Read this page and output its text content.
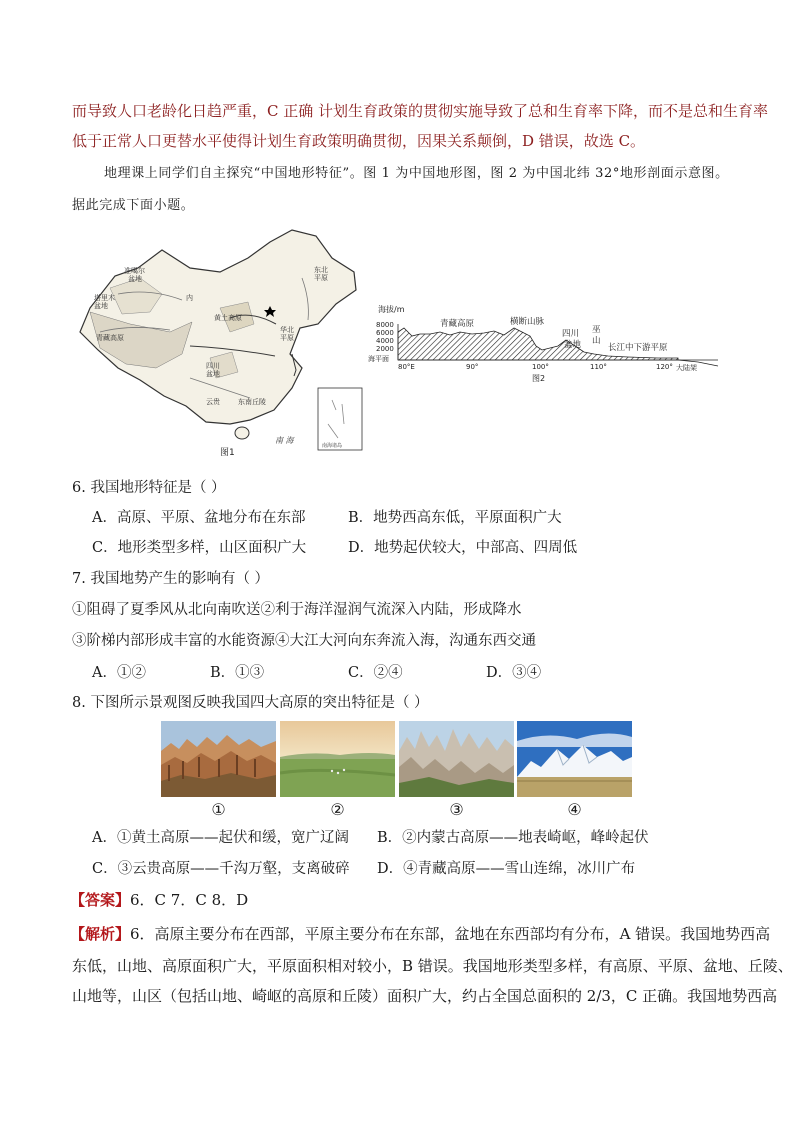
而导致人口老龄化日趋严重，C 正确 计划生育政策的贯彻实施导致了总和生育率下降，而不是总和生育率
低于正常人口更替水平使得计划生育政策明确贯彻，因果关系颠倒，D 错误，故选 C。
地理课上同学们自主探究“中国地形特征”。图 1 为中国地形图，图 2 为中国北纬 32°地形剖面示意图。
据此完成下面小题。
准噶尔盆地
塔里木盆地
青藏高原
内
黄土高原
四川盆地
云贵	东南丘陵
华北平原
东北平原
南 海
南海诸岛
图1
海拔/m
8000
6000
4000
2000
海平面
80°E	90°	100°	110°	120°
青藏高原	横断山脉
四川盆地
巫山
长江中下游平原
大陆架
图2
6. 我国地形特征是（ ）
A．高原、平原、盆地分布在东部	B．地势西高东低，平原面积广大
C．地形类型多样，山区面积广大	D．地势起伏较大，中部高、四周低
7. 我国地势产生的影响有（ ）
①阻碍了夏季风从北向南吹送②利于海洋湿润气流深入内陆，形成降水
③阶梯内部形成丰富的水能资源④大江大河向东奔流入海，沟通东西交通
A．①②	B．①③	C．②④	D．③④
8. 下图所示景观图反映我国四大高原的突出特征是（ ）
①	②	③	④
A．①黄土高原——起伏和缓，宽广辽阔 B．②内蒙古高原——地表崎岖，峰岭起伏
C．③云贵高原——千沟万壑，支离破碎 D．④青藏高原——雪山连绵，冰川广布
【答案】6．C 7．C 8．D
【解析】6．高原主要分布在西部，平原主要分布在东部，盆地在东西部均有分布，A 错误。我国地势西高
东低，山地、高原面积广大，平原面积相对较小，B 错误。我国地形类型多样，有高原、平原、盆地、丘陵、
山地等，山区（包括山地、崎岖的高原和丘陵）面积广大，约占全国总面积的 2/3，C 正确。我国地势西高
